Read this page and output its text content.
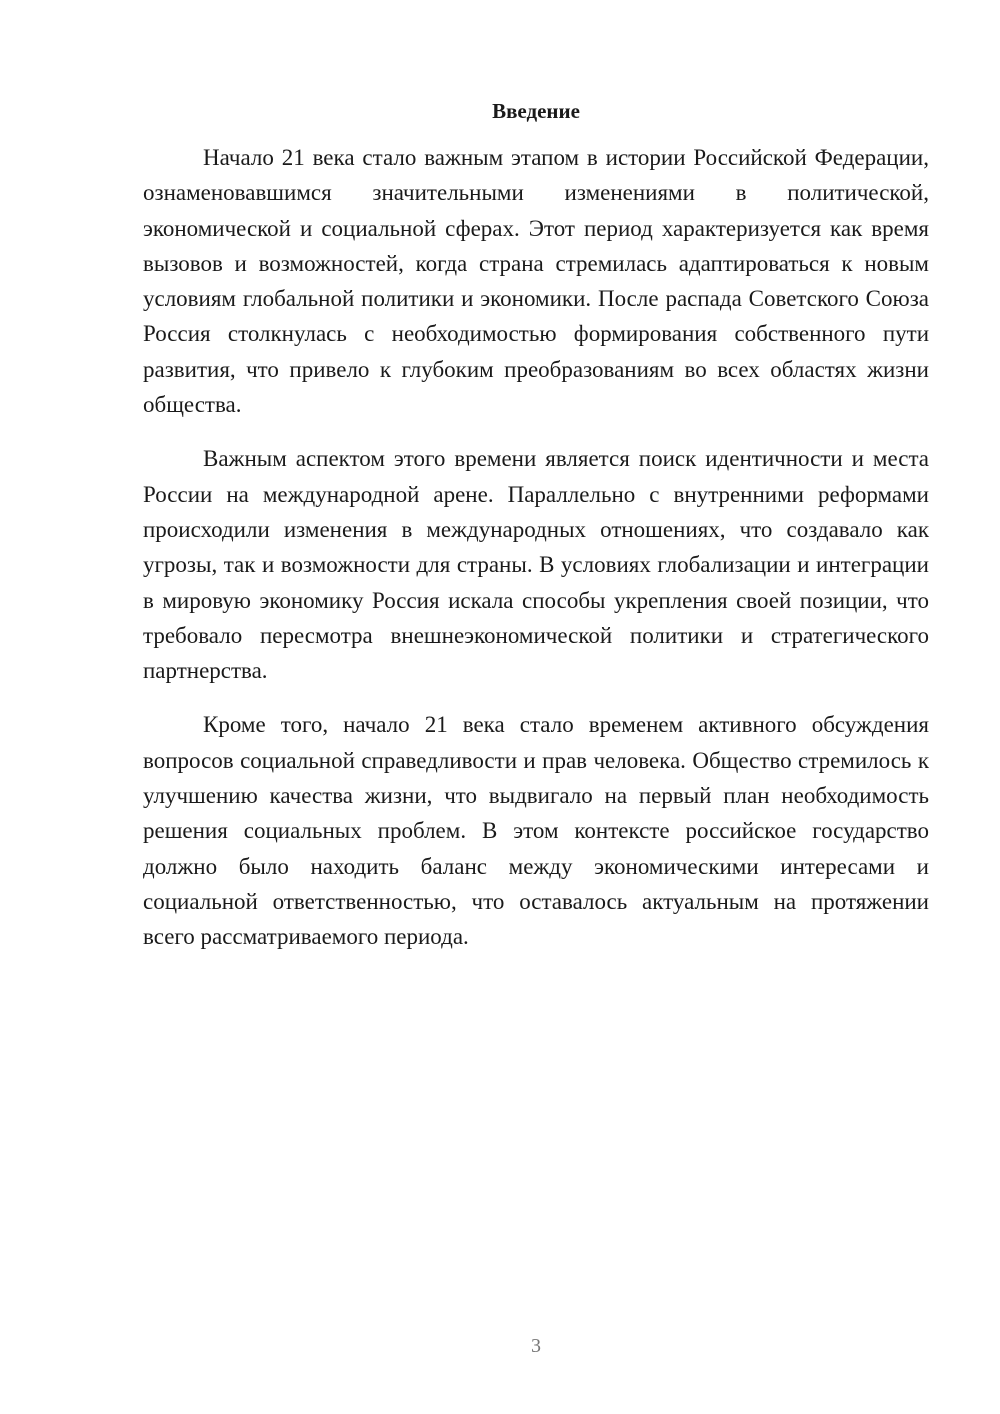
Введение

Начало 21 века стало важным этапом в истории Российской Федерации, ознаменовавшимся значительными изменениями в политической, экономической и социальной сферах. Этот период характеризуется как время вызовов и возможностей, когда страна стремилась адаптироваться к новым условиям глобальной политики и экономики. После распада Советского Союза Россия столкнулась с необходимостью формирования собственного пути развития, что привело к глубоким преобразованиям во всех областях жизни общества.

Важным аспектом этого времени является поиск идентичности и места России на международной арене. Параллельно с внутренними реформами происходили изменения в международных отношениях, что создавало как угрозы, так и возможности для страны. В условиях глобализации и интеграции в мировую экономику Россия искала способы укрепления своей позиции, что требовало пересмотра внешнеэкономической политики и стратегического партнерства.

Кроме того, начало 21 века стало временем активного обсуждения вопросов социальной справедливости и прав человека. Общество стремилось к улучшению качества жизни, что выдвигало на первый план необходимость решения социальных проблем. В этом контексте российское государство должно было находить баланс между экономическими интересами и социальной ответственностью, что оставалось актуальным на протяжении всего рассматриваемого периода.

3
